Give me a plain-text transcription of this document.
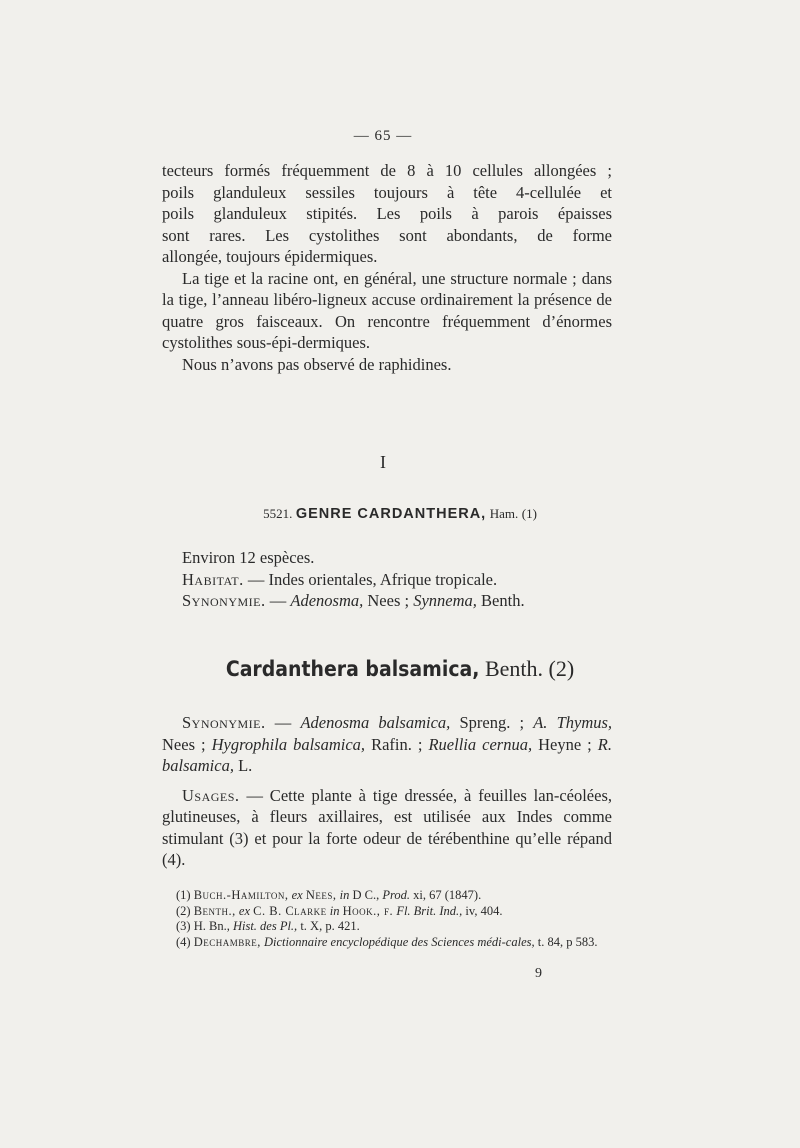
— 65 —

tecteurs formés fréquemment de 8 à 10 cellules allongées ;

poils glanduleux sessiles toujours à tête 4-cellulée et

poils glanduleux stipités. Les poils à parois épaisses

sont rares. Les cystolithes sont abondants, de forme

allongée, toujours épidermiques.

La tige et la racine ont, en général, une structure normale ; dans la tige, l’anneau libéro-ligneux accuse ordinairement la présence de quatre gros faisceaux. On rencontre fréquemment d’énormes cystolithes sous-épi-dermiques.

Nous n’avons pas observé de raphidines.

I
5521. GENRE CARDANTHERA, Ham. (1)

Environ 12 espèces.

Habitat. — Indes orientales, Afrique tropicale.

Synonymie. — Adenosma, Nees ; Synnema, Benth.

Cardanthera balsamica, Benth. (2)

Synonymie. — Adenosma balsamica, Spreng. ; A. Thymus, Nees ; Hygrophila balsamica, Rafin. ; Ruellia cernua, Heyne ; R. balsamica, L.

Usages. — Cette plante à tige dressée, à feuilles lan-céolées, glutineuses, à fleurs axillaires, est utilisée aux Indes comme stimulant (3) et pour la forte odeur de térébenthine qu’elle répand (4).

(1) Buch.-Hamilton, ex Nees, in D C., Prod. xi, 67 (1847).

(2) Benth., ex C. B. Clarke in Hook., f. Fl. Brit. Ind., iv, 404.

(3) H. Bn., Hist. des Pl., t. X, p. 421.

(4) Dechambre, Dictionnaire encyclopédique des Sciences médi-cales, t. 84, p 583.

9
